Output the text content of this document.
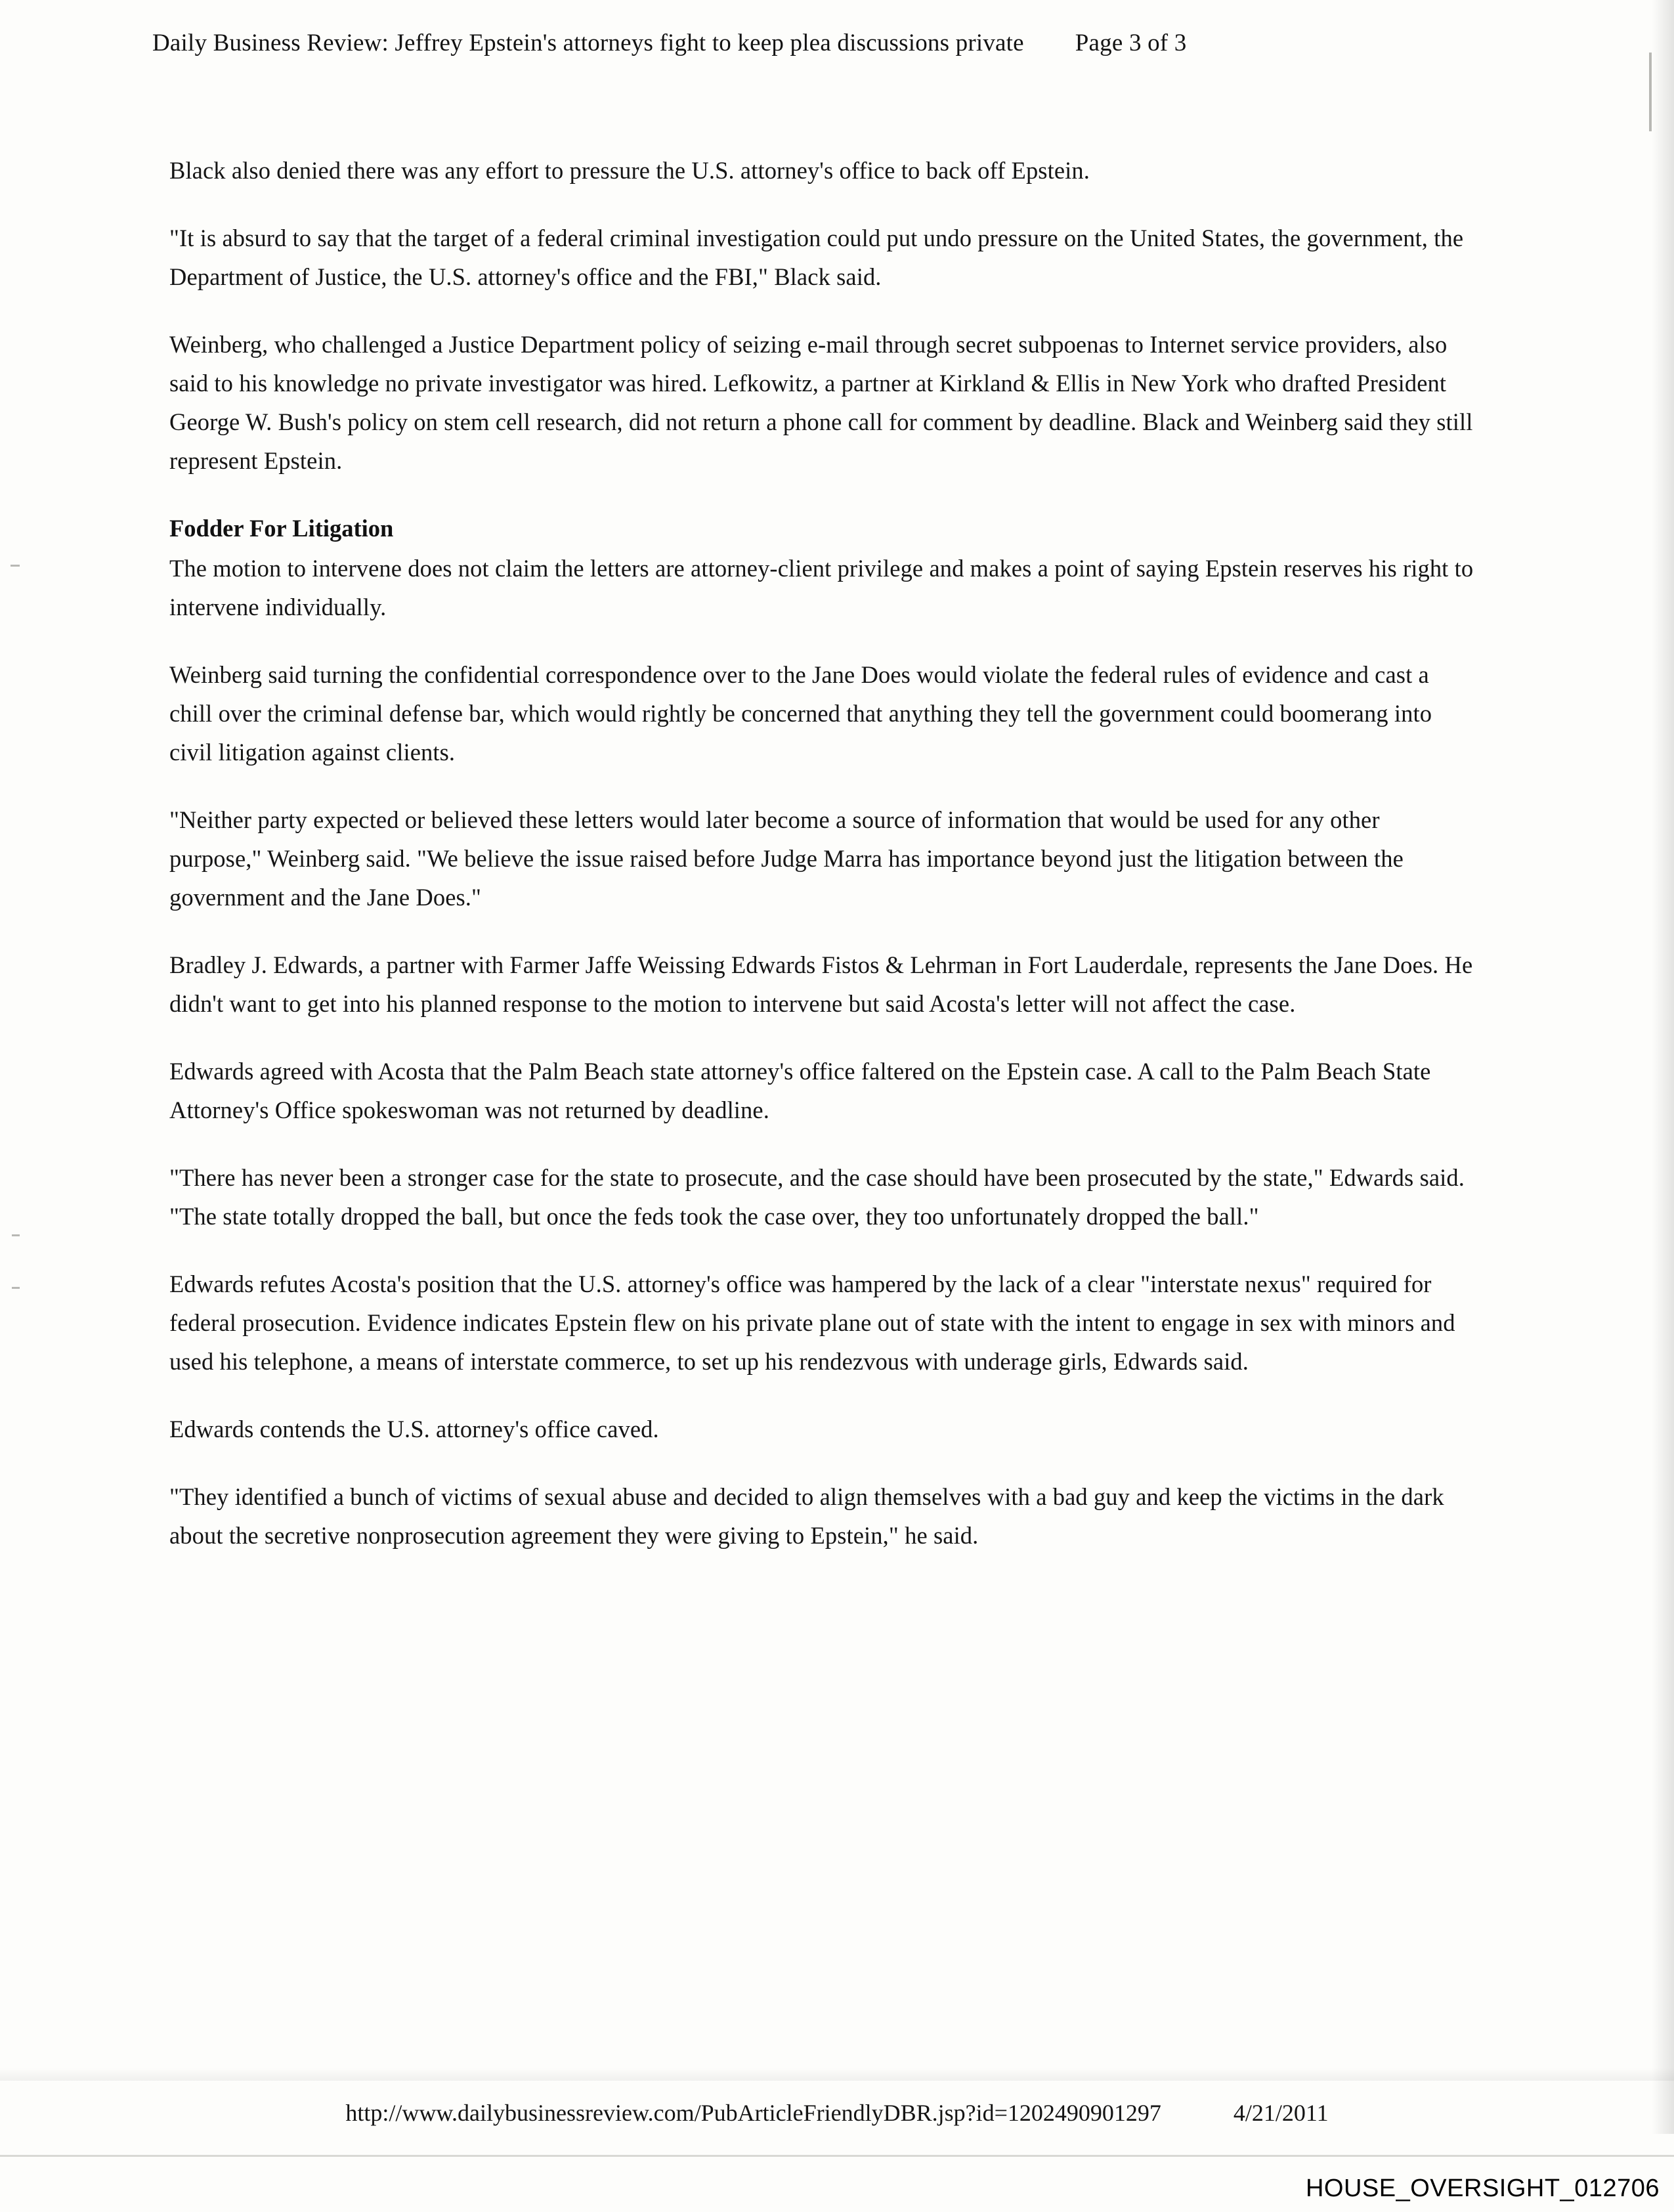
Daily Business Review: Jeffrey Epstein's attorneys fight to keep plea discussions private Page 3 of 3

Black also denied there was any effort to pressure the U.S. attorney's office to back off Epstein.

"It is absurd to say that the target of a federal criminal investigation could put undo pressure on the United States, the government, the Department of Justice, the U.S. attorney's office and the FBI," Black said.

Weinberg, who challenged a Justice Department policy of seizing e-mail through secret subpoenas to Internet service providers, also said to his knowledge no private investigator was hired. Lefkowitz, a partner at Kirkland & Ellis in New York who drafted President George W. Bush's policy on stem cell research, did not return a phone call for comment by deadline. Black and Weinberg said they still represent Epstein.

Fodder For Litigation

The motion to intervene does not claim the letters are attorney-client privilege and makes a point of saying Epstein reserves his right to intervene individually.

Weinberg said turning the confidential correspondence over to the Jane Does would violate the federal rules of evidence and cast a chill over the criminal defense bar, which would rightly be concerned that anything they tell the government could boomerang into civil litigation against clients.

"Neither party expected or believed these letters would later become a source of information that would be used for any other purpose," Weinberg said. "We believe the issue raised before Judge Marra has importance beyond just the litigation between the government and the Jane Does."

Bradley J. Edwards, a partner with Farmer Jaffe Weissing Edwards Fistos & Lehrman in Fort Lauderdale, represents the Jane Does. He didn't want to get into his planned response to the motion to intervene but said Acosta's letter will not affect the case.

Edwards agreed with Acosta that the Palm Beach state attorney's office faltered on the Epstein case. A call to the Palm Beach State Attorney's Office spokeswoman was not returned by deadline.

"There has never been a stronger case for the state to prosecute, and the case should have been prosecuted by the state," Edwards said. "The state totally dropped the ball, but once the feds took the case over, they too unfortunately dropped the ball."

Edwards refutes Acosta's position that the U.S. attorney's office was hampered by the lack of a clear "interstate nexus" required for federal prosecution. Evidence indicates Epstein flew on his private plane out of state with the intent to engage in sex with minors and used his telephone, a means of interstate commerce, to set up his rendezvous with underage girls, Edwards said.

Edwards contends the U.S. attorney's office caved.

"They identified a bunch of victims of sexual abuse and decided to align themselves with a bad guy and keep the victims in the dark about the secretive nonprosecution agreement they were giving to Epstein," he said.

http://www.dailybusinessreview.com/PubArticleFriendlyDBR.jsp?id=1202490901297	4/21/2011
HOUSE_OVERSIGHT_012706
